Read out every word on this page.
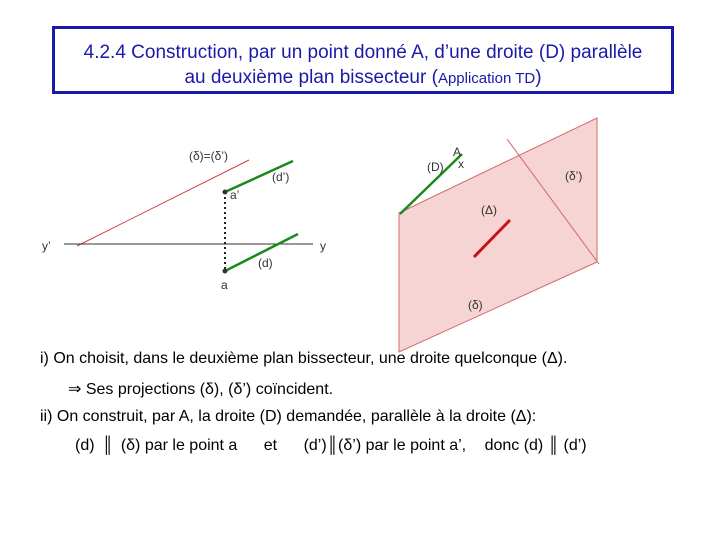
4.2.4 Construction, par un point donné A, d’une droite (D) parallèle
au deuxième plan bissecteur (Application TD)
(δ)=(δ’)
a’
(d’)
y’	y
(d)
a
A
x
(D)
(δ’)
(Δ)
(δ)
i) On choisit, dans le deuxième plan bissecteur, une droite quelconque (Δ).
⇒ Ses projections (δ), (δ’) coïncident.
ii) On construit, par A, la droite (D) demandée, parallèle à la droite (Δ):
(d) ║ (δ) par le point a et (d’)║(δ’) par le point a’, donc (d) ║ (d’)
